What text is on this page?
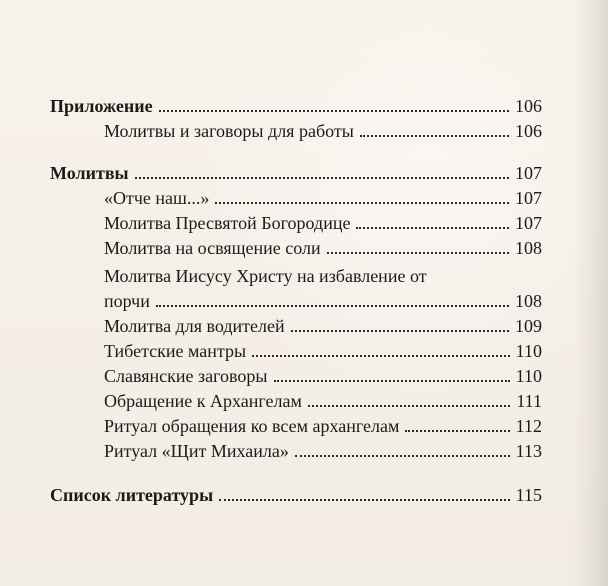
Приложение	106
Молитвы и заговоры для работы	106
Молитвы	107
«Отче наш...»	107
Молитва Пресвятой Богородице	107
Молитва на освящение соли	108
Молитва Иисусу Христу на избавление от
порчи	108
Молитва для водителей	109
Тибетские мантры	110
Славянские заговоры	110
Обращение к Архангелам	111
Ритуал обращения ко всем архангелам	112
Ритуал «Щит Михаила»	113
Список литературы	115
